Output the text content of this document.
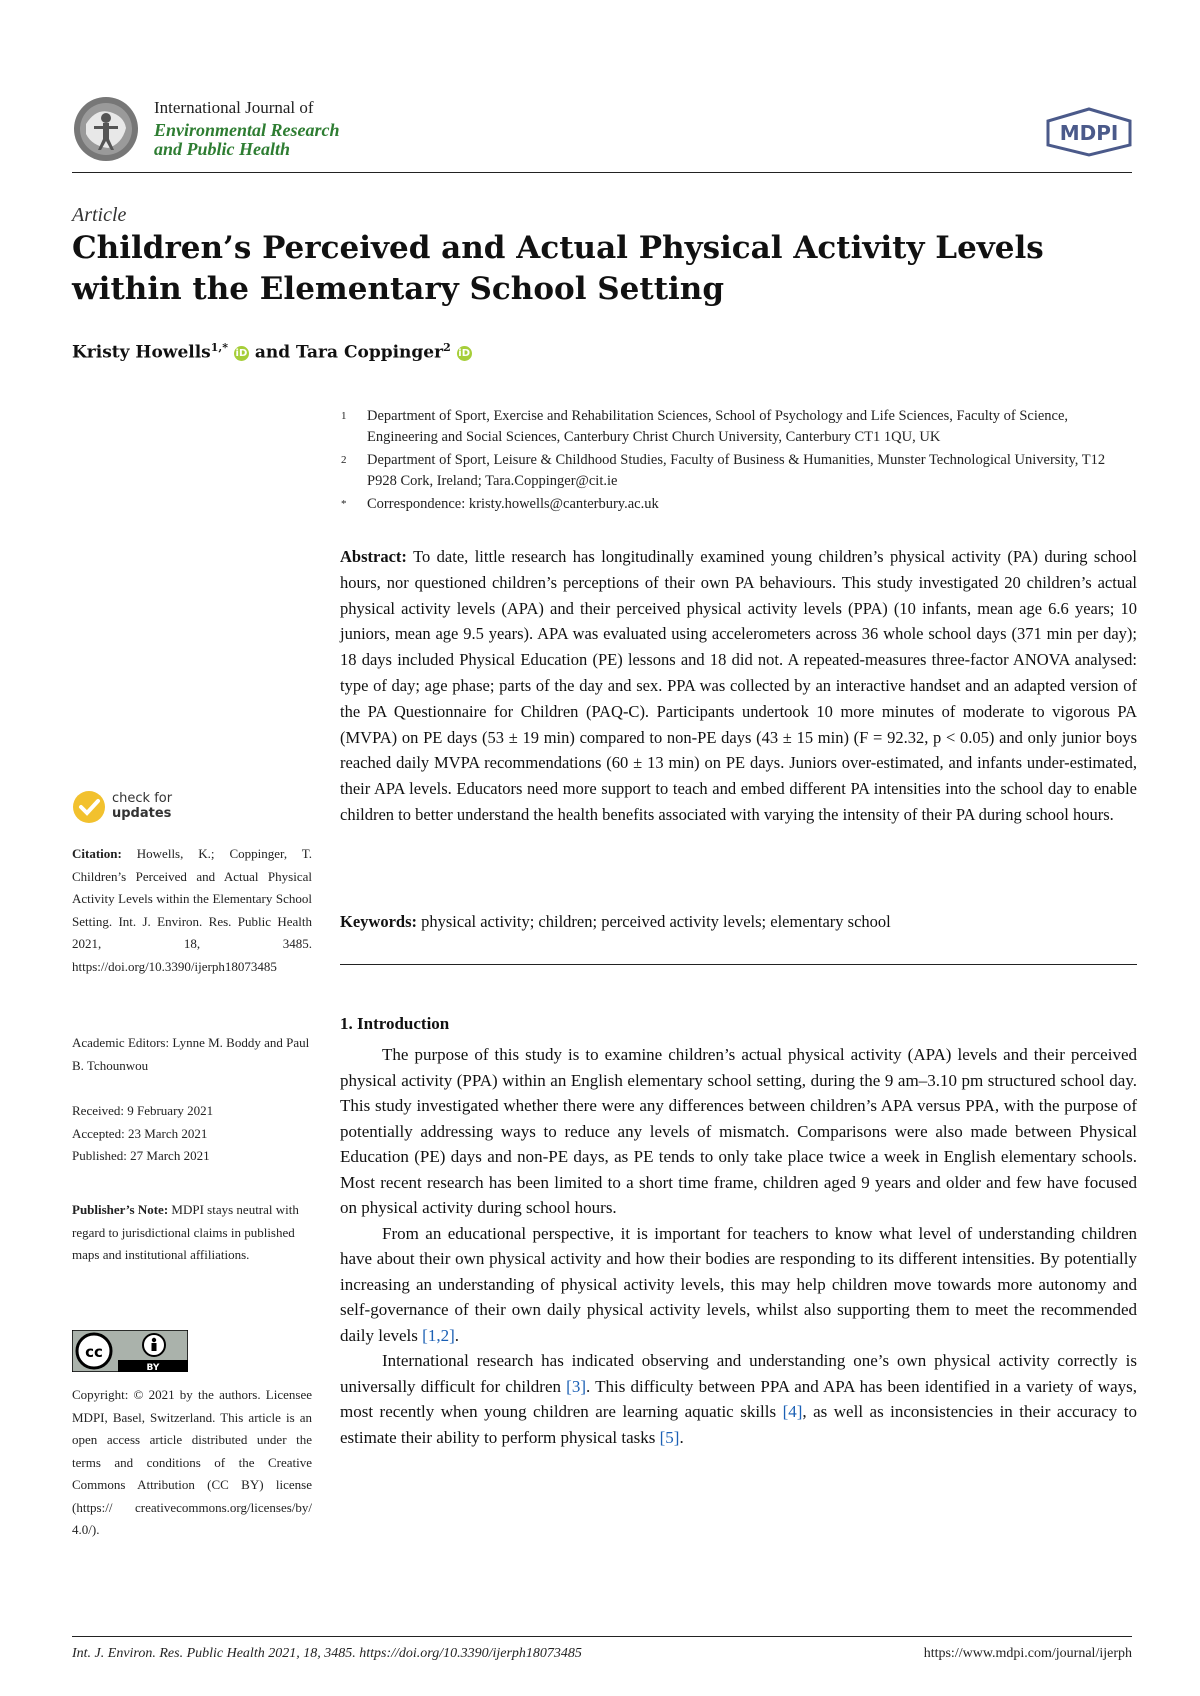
International Journal of
Environmental Research
and Public Health
MDPI
Article
Children’s Perceived and Actual Physical Activity Levels within the Elementary School Setting
Kristy Howells$^{1,*}$ iD and Tara Coppinger$^2$ iD
1 Department of Sport, Exercise and Rehabilitation Sciences, School of Psychology and Life Sciences, Faculty of Science, Engineering and Social Sciences, Canterbury Christ Church University, Canterbury CT1 1QU, UK
2 Department of Sport, Leisure & Childhood Studies, Faculty of Business & Humanities, Munster Technological University, T12 P928 Cork, Ireland; Tara.Coppinger@cit.ie
* Correspondence: kristy.howells@canterbury.ac.uk
Abstract: To date, little research has longitudinally examined young children’s physical activity (PA) during school hours, nor questioned children’s perceptions of their own PA behaviours. This study investigated 20 children’s actual physical activity levels (APA) and their perceived physical activity levels (PPA) (10 infants, mean age 6.6 years; 10 juniors, mean age 9.5 years). APA was evaluated using accelerometers across 36 whole school days (371 min per day); 18 days included Physical Education (PE) lessons and 18 did not. A repeated-measures three-factor ANOVA analysed: type of day; age phase; parts of the day and sex. PPA was collected by an interactive handset and an adapted version of the PA Questionnaire for Children (PAQ-C). Participants undertook 10 more minutes of moderate to vigorous PA (MVPA) on PE days (53 ± 19 min) compared to non-PE days (43 ± 15 min) (F = 92.32, p < 0.05) and only junior boys reached daily MVPA recommendations (60 ± 13 min) on PE days. Juniors over-estimated, and infants under-estimated, their APA levels. Educators need more support to teach and embed different PA intensities into the school day to enable children to better understand the health benefits associated with varying the intensity of their PA during school hours.
Keywords: physical activity; children; perceived activity levels; elementary school
1. Introduction

The purpose of this study is to examine children’s actual physical activity (APA) levels and their perceived physical activity (PPA) within an English elementary school setting, during the 9 am–3.10 pm structured school day. This study investigated whether there were any differences between children’s APA versus PPA, with the purpose of potentially addressing ways to reduce any levels of mismatch. Comparisons were also made between Physical Education (PE) days and non-PE days, as PE tends to only take place twice a week in English elementary schools. Most recent research has been limited to a short time frame, children aged 9 years and older and few have focused on physical activity during school hours.

From an educational perspective, it is important for teachers to know what level of understanding children have about their own physical activity and how their bodies are responding to its different intensities. By potentially increasing an understanding of physical activity levels, this may help children move towards more autonomy and self-governance of their own daily physical activity levels, whilst also supporting them to meet the recommended daily levels [1,2].

International research has indicated observing and understanding one’s own physical activity correctly is universally difficult for children [3]. This difficulty between PPA and APA has been identified in a variety of ways, most recently when young children are learning aquatic skills [4], as well as inconsistencies in their accuracy to estimate their ability to perform physical tasks [5].

check for
updates
Citation: Howells, K.; Coppinger, T. Children’s Perceived and Actual Physical Activity Levels within the Elementary School Setting. Int. J. Environ. Res. Public Health 2021, 18, 3485. https://doi.org/10.3390/ijerph18073485
Academic Editors: Lynne M. Boddy and Paul B. Tchounwou
Received: 9 February 2021
Accepted: 23 March 2021
Published: 27 March 2021
Publisher’s Note: MDPI stays neutral with regard to jurisdictional claims in published maps and institutional affiliations.
cc
BY
Copyright: © 2021 by the authors. Licensee MDPI, Basel, Switzerland. This article is an open access article distributed under the terms and conditions of the Creative Commons Attribution (CC BY) license (https:// creativecommons.org/licenses/by/ 4.0/).
Int. J. Environ. Res. Public Health 2021, 18, 3485. https://doi.org/10.3390/ijerph18073485	https://www.mdpi.com/journal/ijerph
